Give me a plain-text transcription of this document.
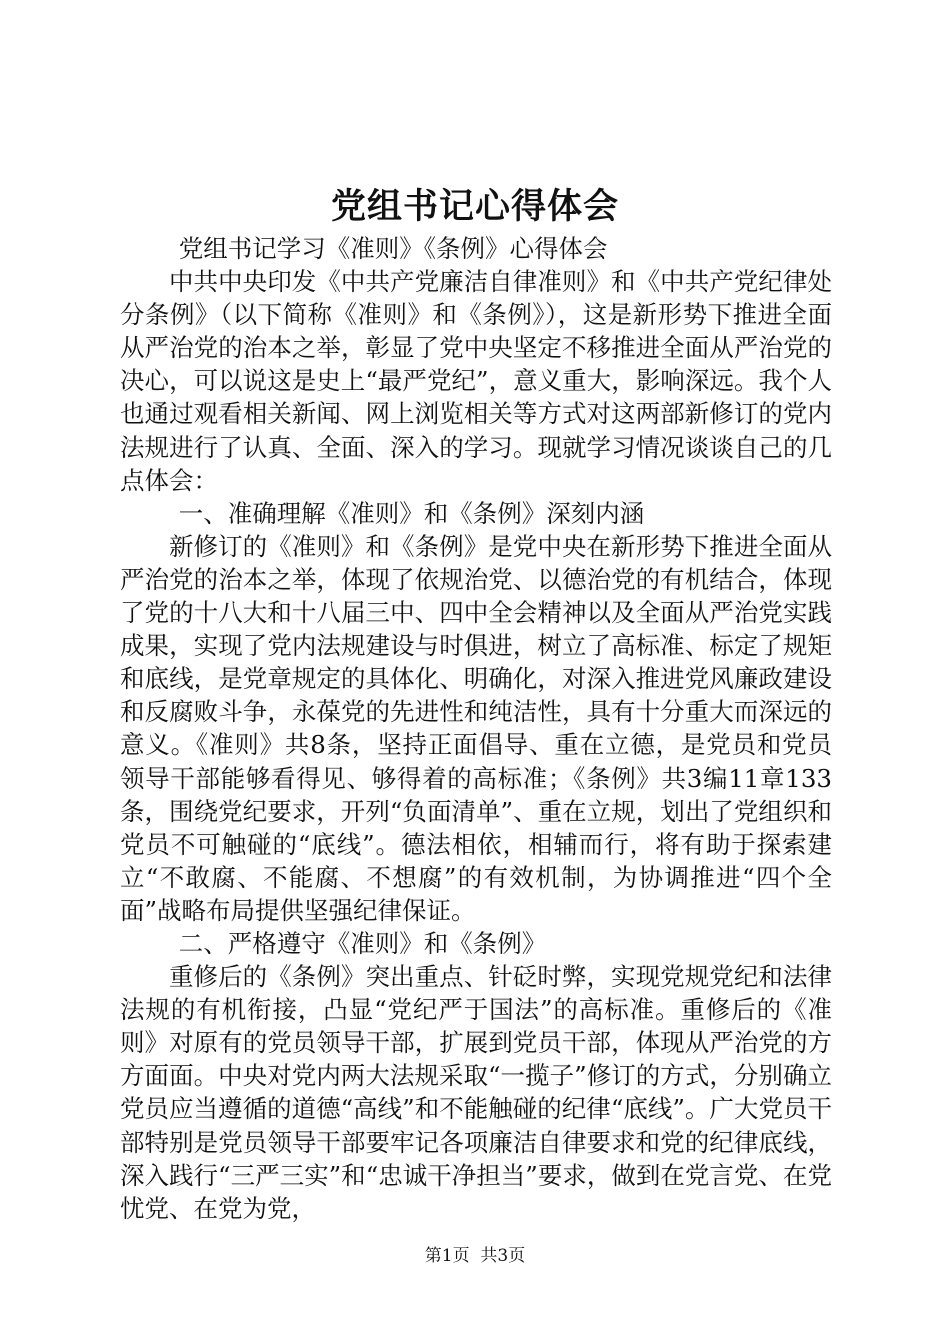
党组书记心得体会

党组书记学习《准则》《条例》心得体会

中共中央印发《中共产党廉洁自律准则》和《中共产党纪律处分条例》（以下简称《准则》和《条例》），这是新形势下推进全面从严治党的治本之举，彰显了党中央坚定不移推进全面从严治党的决心，可以说这是史上“最严党纪”，意义重大，影响深远。我个人也通过观看相关新闻、网上浏览相关等方式对这两部新修订的党内法规进行了认真、全面、深入的学习。现就学习情况谈谈自己的几点体会：

一、准确理解《准则》和《条例》深刻内涵

新修订的《准则》和《条例》是党中央在新形势下推进全面从严治党的治本之举，体现了依规治党、以德治党的有机结合，体现了党的十八大和十八届三中、四中全会精神以及全面从严治党实践成果，实现了党内法规建设与时俱进，树立了高标准、标定了规矩和底线，是党章规定的具体化、明确化，对深入推进党风廉政建设和反腐败斗争，永葆党的先进性和纯洁性，具有十分重大而深远的意义。《准则》共8条，坚持正面倡导、重在立德，是党员和党员领导干部能够看得见、够得着的高标准；《条例》共3编11章133条，围绕党纪要求，开列“负面清单”、重在立规，划出了党组织和党员不可触碰的“底线”。德法相依，相辅而行，将有助于探索建立“不敢腐、不能腐、不想腐”的有效机制，为协调推进“四个全面”战略布局提供坚强纪律保证。

二、严格遵守《准则》和《条例》

重修后的《条例》突出重点、针砭时弊，实现党规党纪和法律法规的有机衔接，凸显“党纪严于国法”的高标准。重修后的《准则》对原有的党员领导干部，扩展到党员干部，体现从严治党的方方面面。中央对党内两大法规采取“一揽子”修订的方式，分别确立党员应当遵循的道德“高线”和不能触碰的纪律“底线”。广大党员干部特别是党员领导干部要牢记各项廉洁自律要求和党的纪律底线，深入践行“三严三实”和“忠诚干净担当”要求，做到在党言党、在党忧党、在党为党，

第1页  共3页
